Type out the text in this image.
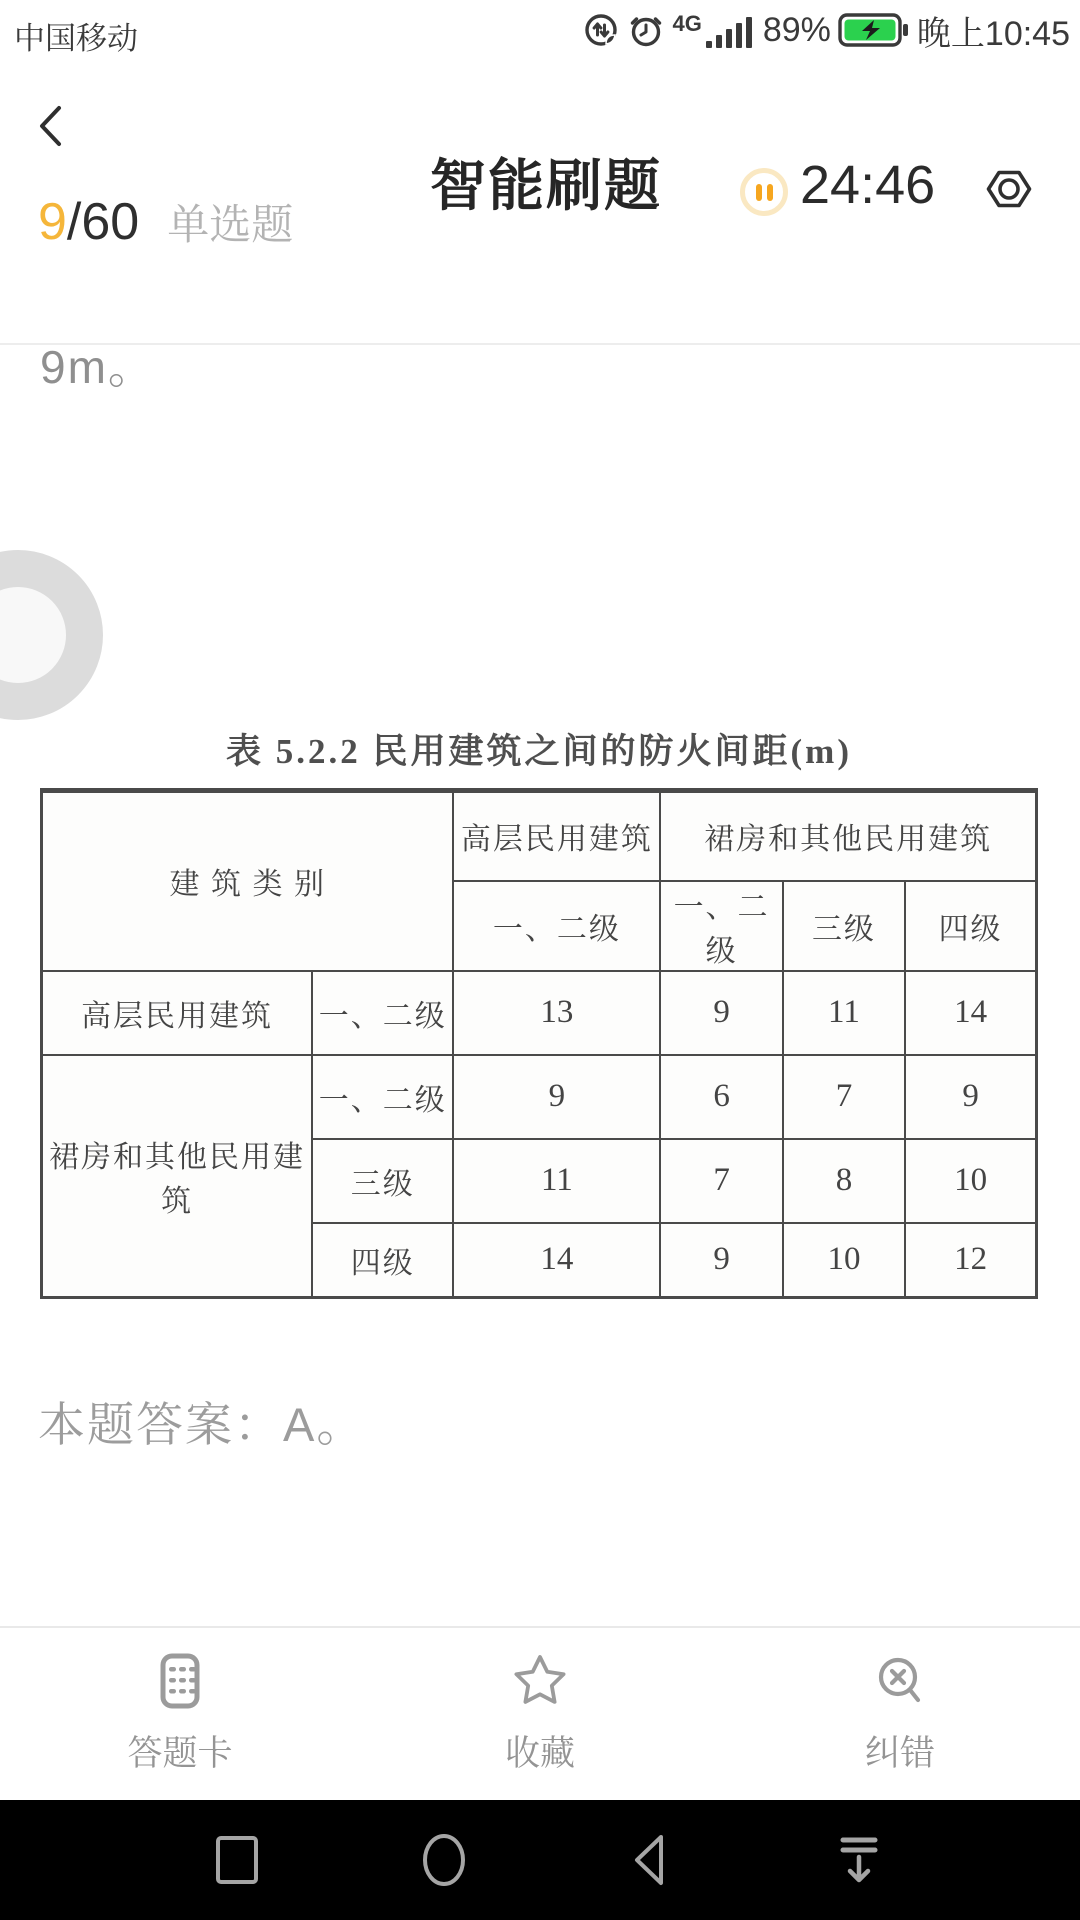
中国移动	4G 89%	晚上10:45
智能刷题	24:46
9 /60 单选题
9m。
表 5.2.2 民用建筑之间的防火间距(m)
建 筑 类 别		高层民用建筑	裙房和其他民用建筑		
		一、二级	一、二级	三级	四级
高层民用建筑	一、二级	13	9	11	14
裙房和其他民用建筑	一、二级	9	6	7	9
	三级	11	7	8	10
	四级	14	9	10	12
本题答案：A。
答题卡	收藏	纠错
